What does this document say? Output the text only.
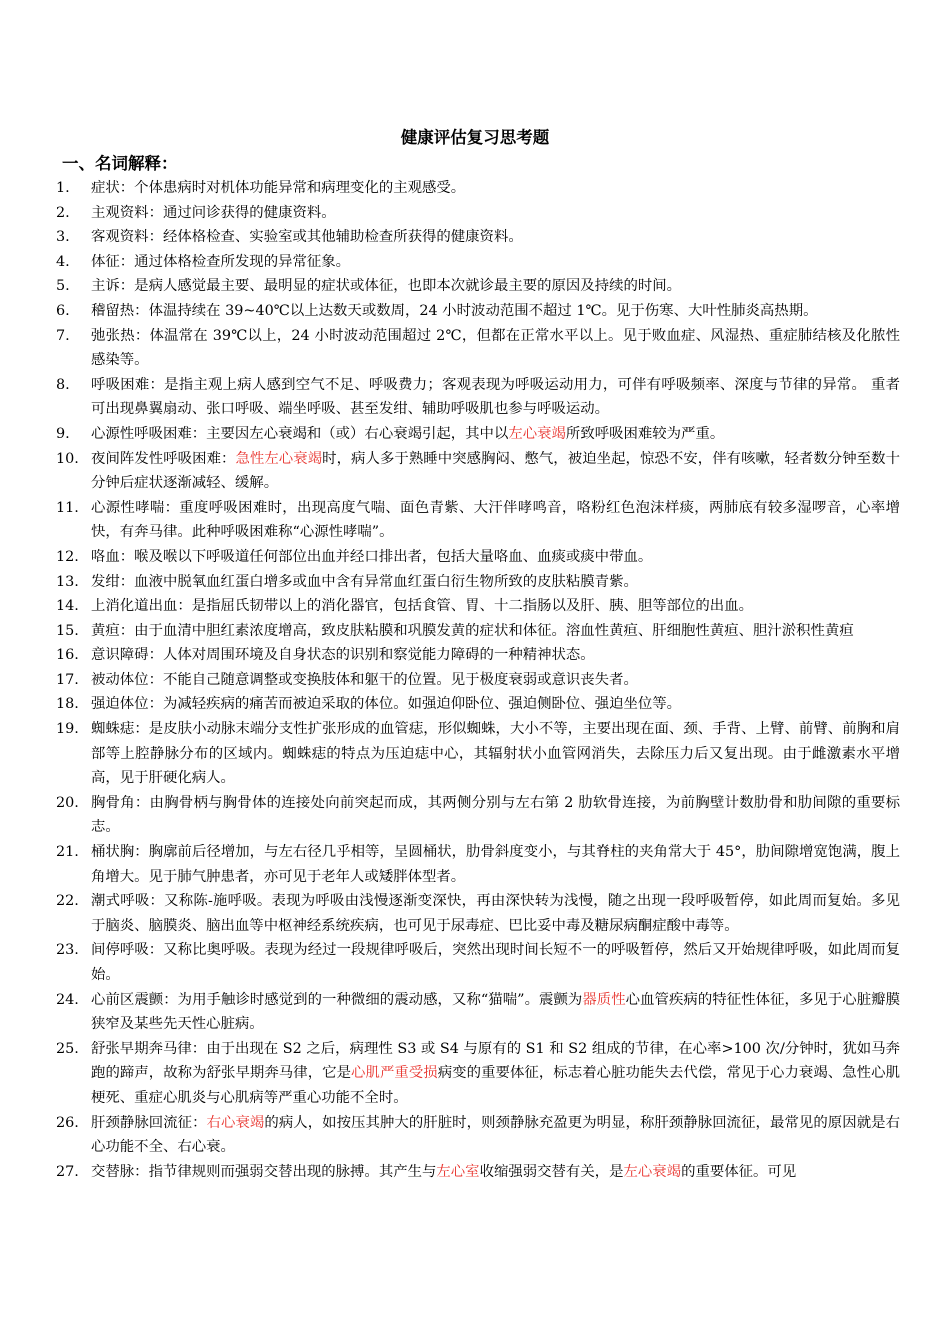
健康评估复习思考题
一、名词解释：
1.	症状：个体患病时对机体功能异常和病理变化的主观感受。
2.	主观资料：通过问诊获得的健康资料。
3.	客观资料：经体格检查、实验室或其他辅助检查所获得的健康资料。
4.	体征：通过体格检查所发现的异常征象。
5.	主诉：是病人感觉最主要、最明显的症状或体征，也即本次就诊最主要的原因及持续的时间。
6.	稽留热：体温持续在 39~40℃以上达数天或数周，24 小时波动范围不超过 1℃。见于伤寒、大叶性肺炎高热期。
7.	弛张热：体温常在 39℃以上，24 小时波动范围超过 2℃，但都在正常水平以上。见于败血症、风湿热、重症肺结核及化脓性感染等。
8.	呼吸困难：是指主观上病人感到空气不足、呼吸费力；客观表现为呼吸运动用力，可伴有呼吸频率、深度与节律的异常。 重者可出现鼻翼扇动、张口呼吸、端坐呼吸、甚至发绀、辅助呼吸肌也参与呼吸运动。
9.	心源性呼吸困难：主要因左心衰竭和（或）右心衰竭引起，其中以左心衰竭所致呼吸困难较为严重。
10. 夜间阵发性呼吸困难：急性左心衰竭时，病人多于熟睡中突感胸闷、憋气，被迫坐起，惊恐不安，伴有咳嗽，轻者数分钟至数十分钟后症状逐渐减轻、缓解。
11. 心源性哮喘：重度呼吸困难时，出现高度气喘、面色青紫、大汗伴哮鸣音，咯粉红色泡沫样痰，两肺底有较多湿啰音，心率增快，有奔马律。此种呼吸困难称“心源性哮喘”。
12. 咯血：喉及喉以下呼吸道任何部位出血并经口排出者，包括大量咯血、血痰或痰中带血。
13. 发绀：血液中脱氧血红蛋白增多或血中含有异常血红蛋白衍生物所致的皮肤粘膜青紫。
14. 上消化道出血：是指屈氏韧带以上的消化器官，包括食管、胃、十二指肠以及肝、胰、胆等部位的出血。
15. 黄疸：由于血清中胆红素浓度增高，致皮肤粘膜和巩膜发黄的症状和体征。溶血性黄疸、肝细胞性黄疸、胆汁淤积性黄疸
16. 意识障碍：人体对周围环境及自身状态的识别和察觉能力障碍的一种精神状态。
17. 被动体位：不能自己随意调整或变换肢体和躯干的位置。见于极度衰弱或意识丧失者。
18. 强迫体位：为减轻疾病的痛苦而被迫采取的体位。如强迫仰卧位、强迫侧卧位、强迫坐位等。
19. 蜘蛛痣：是皮肤小动脉末端分支性扩张形成的血管痣，形似蜘蛛，大小不等，主要出现在面、颈、手背、上臂、前臂、前胸和肩部等上腔静脉分布的区域内。蜘蛛痣的特点为压迫痣中心，其辐射状小血管网消失，去除压力后又复出现。由于雌激素水平增高，见于肝硬化病人。
20. 胸骨角：由胸骨柄与胸骨体的连接处向前突起而成，其两侧分别与左右第 2 肋软骨连接，为前胸壁计数肋骨和肋间隙的重要标志。
21. 桶状胸：胸廓前后径增加，与左右径几乎相等，呈圆桶状，肋骨斜度变小，与其脊柱的夹角常大于 45°，肋间隙增宽饱满，腹上角增大。见于肺气肿患者，亦可见于老年人或矮胖体型者。
22. 潮式呼吸：又称陈-施呼吸。表现为呼吸由浅慢逐渐变深快，再由深快转为浅慢，随之出现一段呼吸暂停，如此周而复始。多见于脑炎、脑膜炎、脑出血等中枢神经系统疾病，也可见于尿毒症、巴比妥中毒及糖尿病酮症酸中毒等。
23. 间停呼吸：又称比奥呼吸。表现为经过一段规律呼吸后，突然出现时间长短不一的呼吸暂停，然后又开始规律呼吸，如此周而复始。
24. 心前区震颤：为用手触诊时感觉到的一种微细的震动感，又称“猫喘”。震颤为器质性心血管疾病的特征性体征，多见于心脏瓣膜狭窄及某些先天性心脏病。
25. 舒张早期奔马律：由于出现在 S2 之后，病理性 S3 或 S4 与原有的 S1 和 S2 组成的节律，在心率>100 次/分钟时，犹如马奔跑的蹄声，故称为舒张早期奔马律，它是心肌严重受损病变的重要体征，标志着心脏功能失去代偿，常见于心力衰竭、急性心肌梗死、重症心肌炎与心肌病等严重心功能不全时。
26. 肝颈静脉回流征：右心衰竭的病人，如按压其肿大的肝脏时，则颈静脉充盈更为明显，称肝颈静脉回流征，最常见的原因就是右心功能不全、右心衰。
27. 交替脉：指节律规则而强弱交替出现的脉搏。其产生与左心室收缩强弱交替有关，是左心衰竭的重要体征。可见
